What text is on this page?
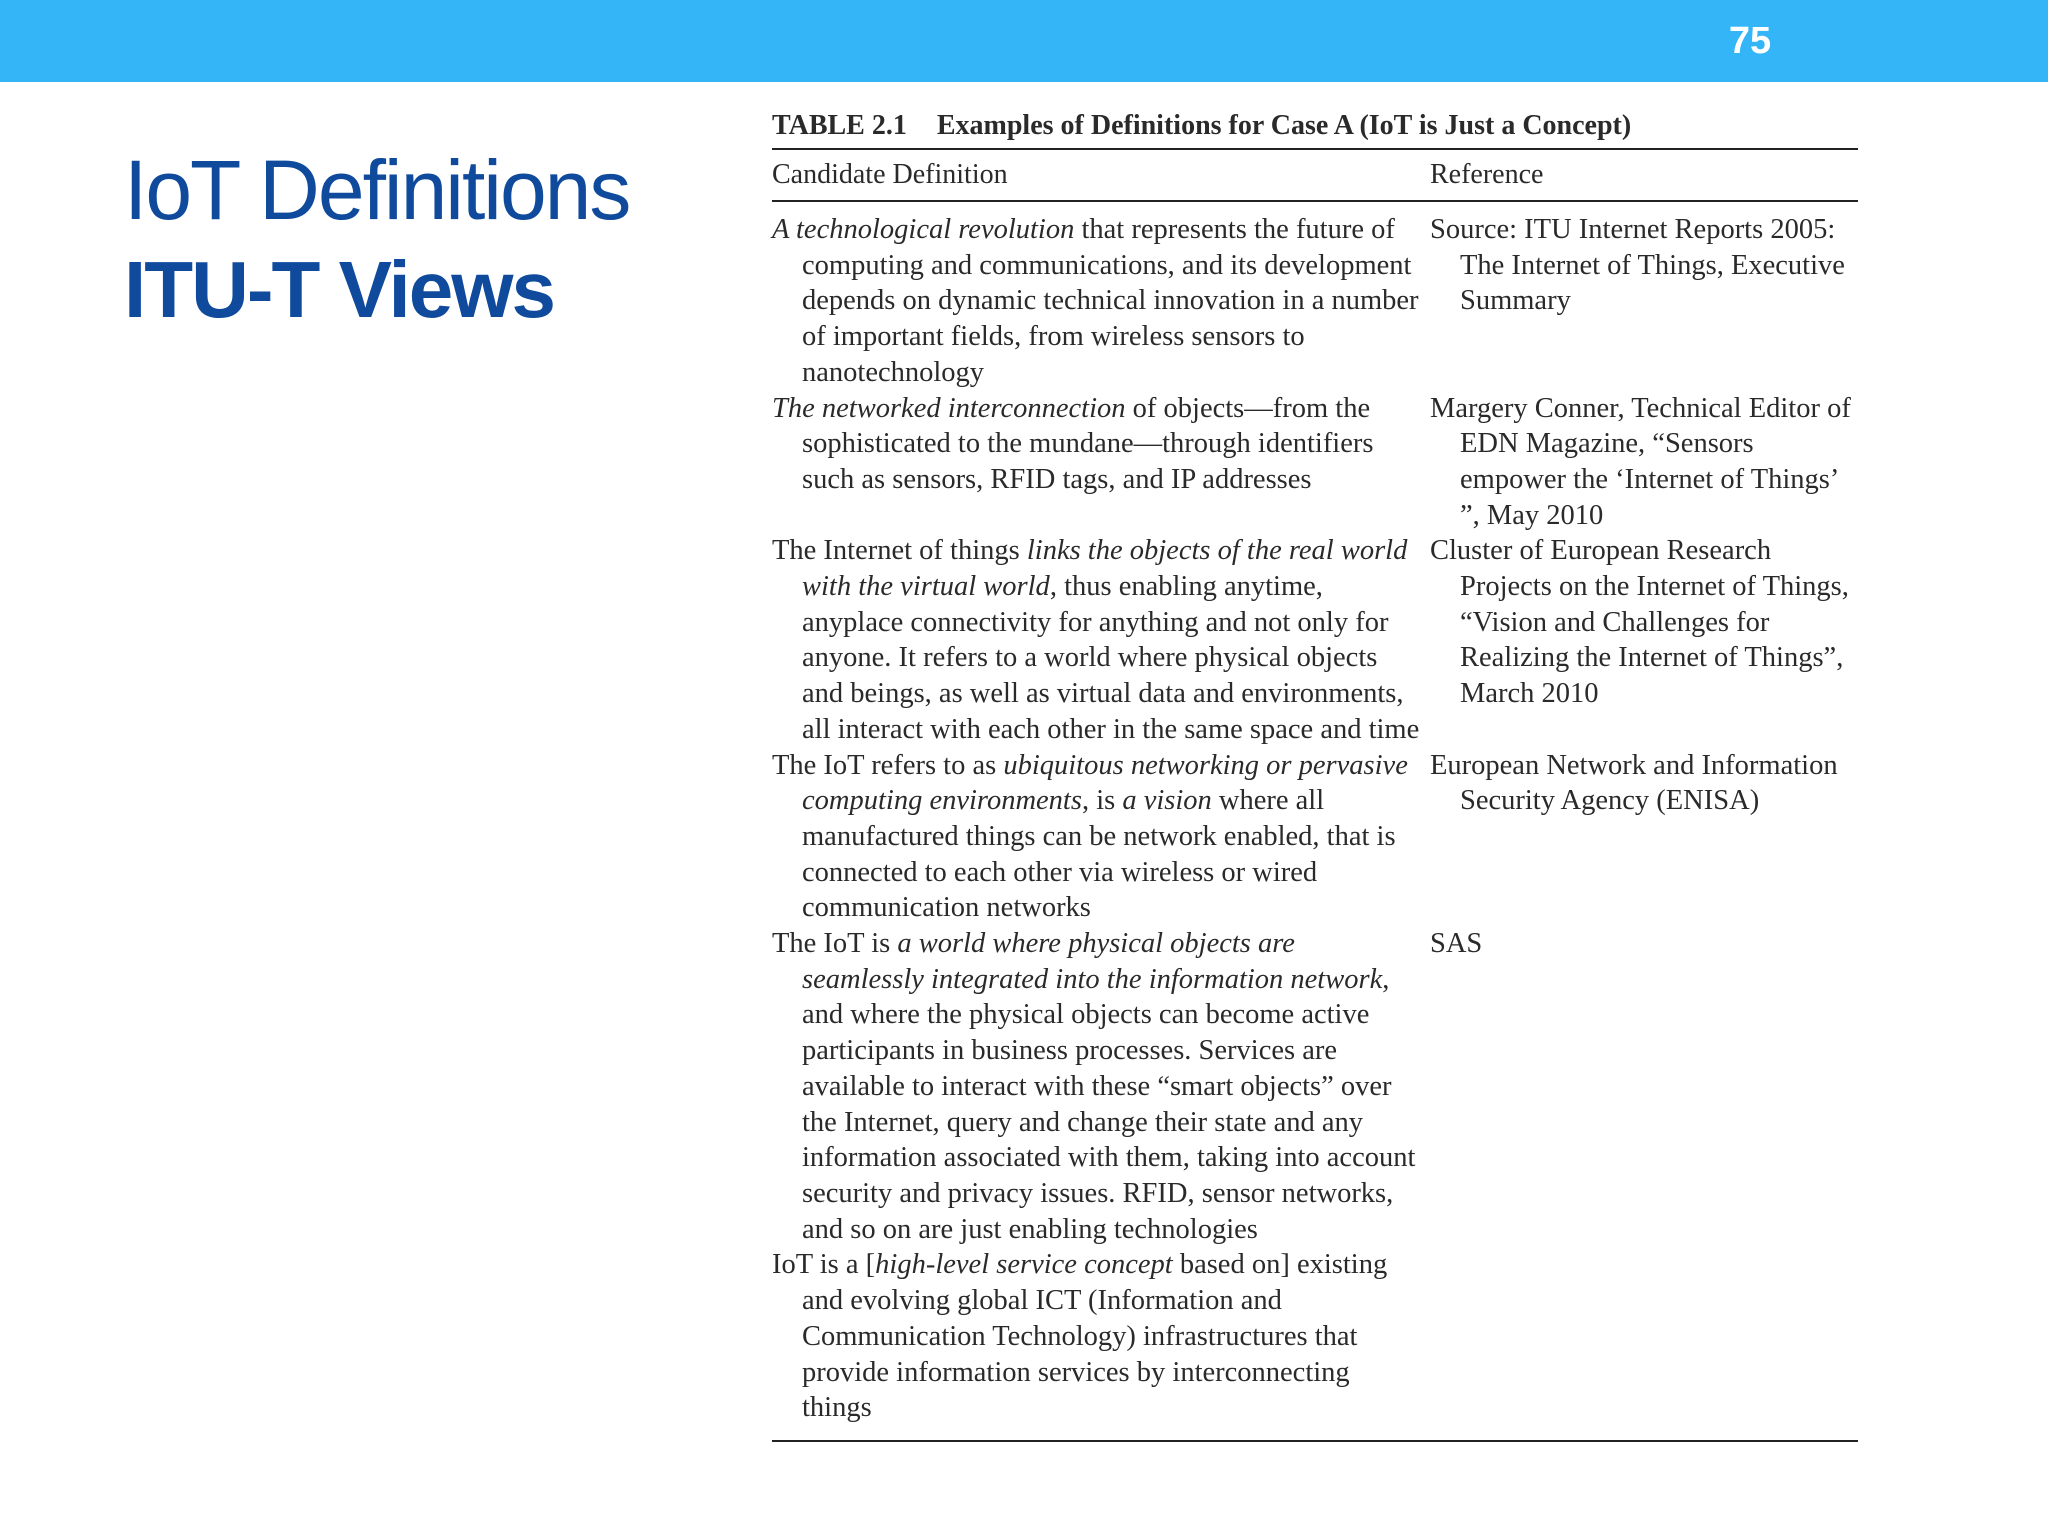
75
IoT Definitions
ITU-T Views
TABLE 2.1 Examples of Definitions for Case A (IoT is Just a Concept)
Candidate Definition	Reference
A technological revolution that represents the future of computing and communications, and its development depends on dynamic technical innovation in a number of important fields, from wireless sensors to nanotechnology
Source: ITU Internet Reports 2005: The Internet of Things, Executive Summary
The networked interconnection of objects—from the sophisticated to the mundane—through identifiers such as sensors, RFID tags, and IP addresses
Margery Conner, Technical Editor of EDN Magazine, “Sensors empower the ‘Internet of Things’ ”, May 2010
The Internet of things links the objects of the real world with the virtual world, thus enabling anytime, anyplace connectivity for anything and not only for anyone. It refers to a world where physical objects and beings, as well as virtual data and environments, all interact with each other in the same space and time
Cluster of European Research Projects on the Internet of Things, “Vision and Challenges for Realizing the Internet of Things”, March 2010
The IoT refers to as ubiquitous networking or pervasive computing environments, is a vision where all manufactured things can be network enabled, that is connected to each other via wireless or wired communication networks
European Network and Information Security Agency (ENISA)
The IoT is a world where physical objects are seamlessly integrated into the information network, and where the physical objects can become active participants in business processes. Services are available to interact with these “smart objects” over the Internet, query and change their state and any information associated with them, taking into account security and privacy issues. RFID, sensor networks, and so on are just enabling technologies
SAS
IoT is a [high-level service concept based on] existing and evolving global ICT (Information and Communication Technology) infrastructures that provide information services by interconnecting things
